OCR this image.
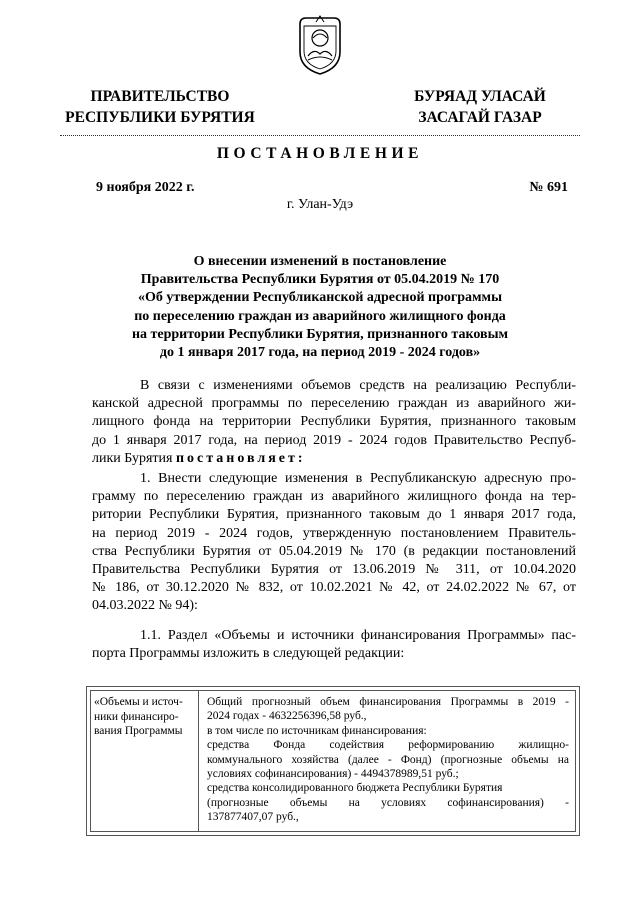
ПРАВИТЕЛЬСТВО
РЕСПУБЛИКИ БУРЯТИЯ
БУРЯАД УЛАСАЙ
ЗАСАГАЙ ГАЗАР
ПОСТАНОВЛЕНИЕ
9 ноября 2022 г.	№ 691
г. Улан-Удэ
О внесении изменений в постановление
Правительства Республики Бурятия от 05.04.2019 № 170
«Об утверждении Республиканской адресной программы
по переселению граждан из аварийного жилищного фонда
на территории Республики Бурятия, признанного таковым
до 1 января 2017 года, на период 2019 - 2024 годов»
В связи с изменениями объемов средств на реализацию Республи-
канской адресной программы по переселению граждан из аварийного жи-
лищного фонда на территории Республики Бурятия, признанного таковым
до 1 января 2017 года, на период 2019 - 2024 годов Правительство Респуб-
лики Бурятия постановляет:
1. Внести следующие изменения в Республиканскую адресную про-
грамму по переселению граждан из аварийного жилищного фонда на тер-
ритории Республики Бурятия, признанного таковым до 1 января 2017 года,
на период 2019 - 2024 годов, утвержденную постановлением Правитель-
ства Республики Бурятия от 05.04.2019 № 170 (в редакции постановлений
Правительства Республики Бурятия от 13.06.2019 № 311, от 10.04.2020
№ 186, от 30.12.2020 № 832, от 10.02.2021 № 42, от 24.02.2022 № 67, от
04.03.2022 № 94):
1.1. Раздел «Объемы и источники финансирования Программы» пас-
порта Программы изложить в следующей редакции:
«Объемы и источ-
ники финансиро-
вания Программы
Общий прогнозный объем финансирования Программы в 2019 -
2024 годах - 4632256396,58 руб.,
в том числе по источникам финансирования:
средства Фонда содействия реформированию жилищно-
коммунального хозяйства (далее - Фонд) (прогнозные объемы на
условиях софинансирования) - 4494378989,51 руб.;
средства консолидированного бюджета Республики Бурятия
(прогнозные объемы на условиях софинансирования) -
137877407,07 руб.,
